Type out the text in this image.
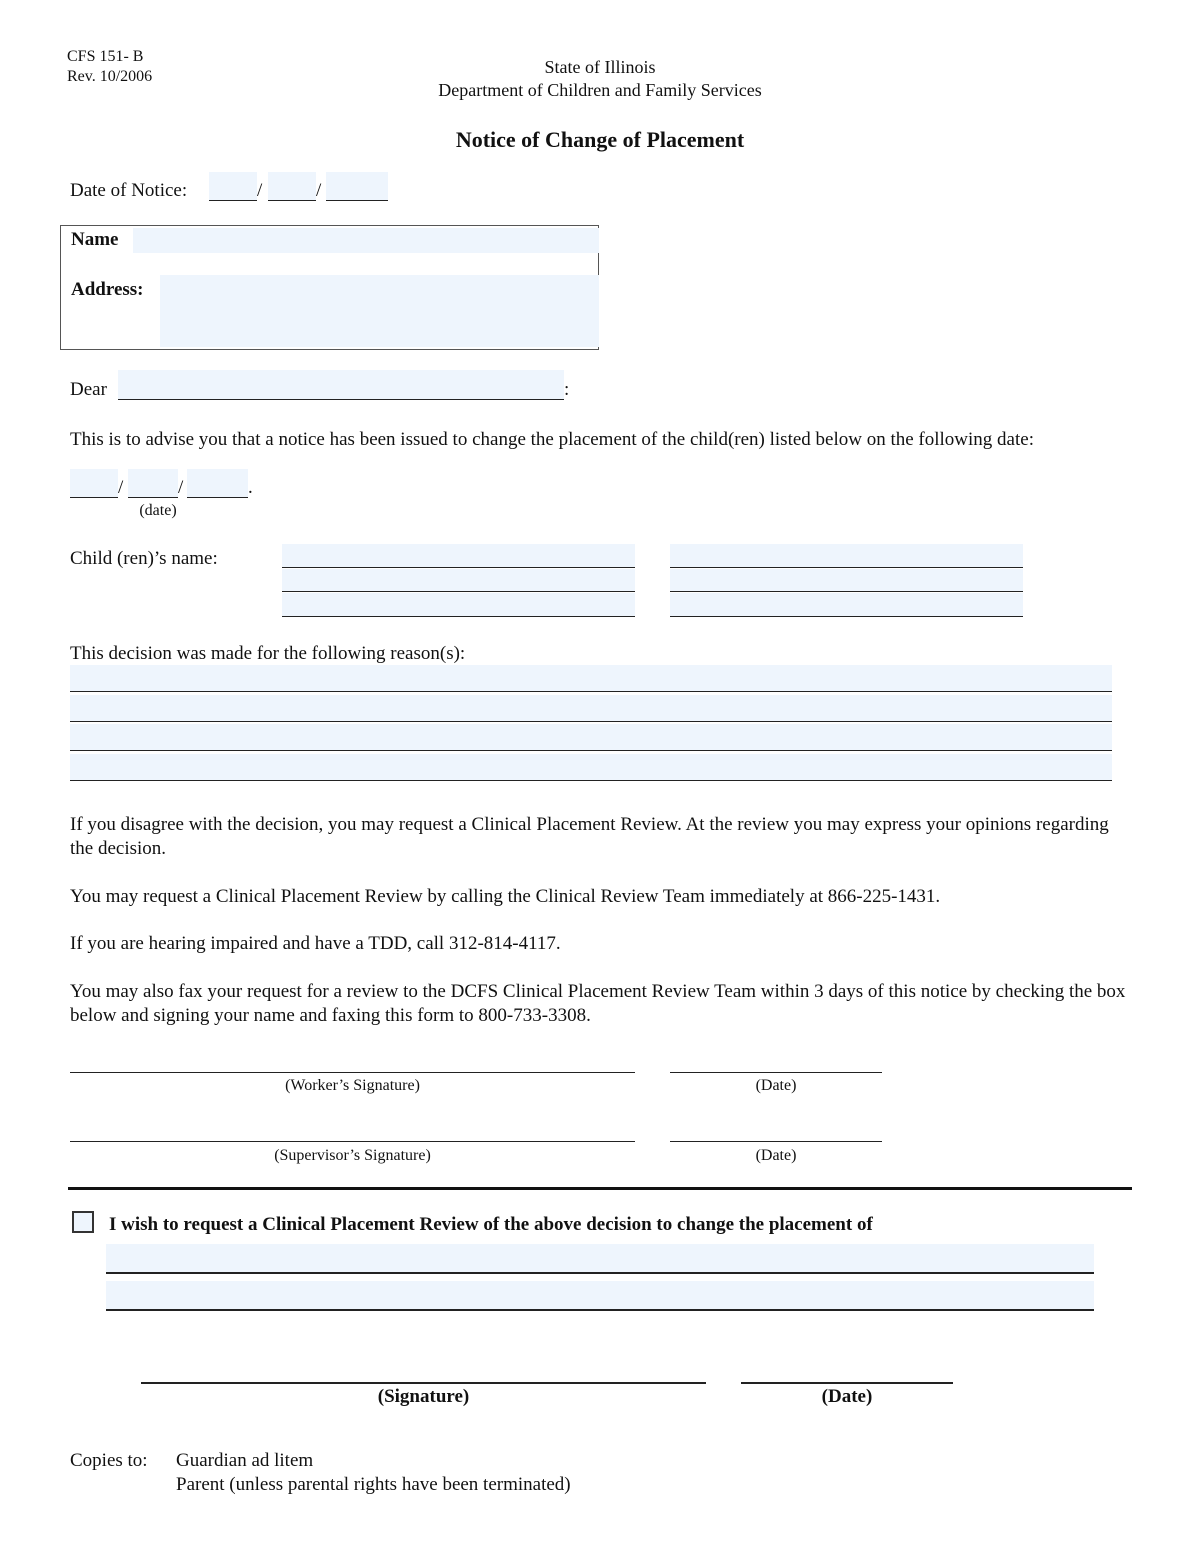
CFS 151- B
Rev. 10/2006	State of Illinois
Department of Children and Family Services
Notice of Change of Placement
Date of Notice:	/	/
Name
Address:
Dear	:
This is to advise you that a notice has been issued to change the placement of the child(ren) listed below on the following date:
/	/	.
(date)
Child (ren)’s name:
This decision was made for the following reason(s):
If you disagree with the decision, you may request a Clinical Placement Review. At the review you may express your opinions regarding the decision.
You may request a Clinical Placement Review by calling the Clinical Review Team immediately at 866-225-1431.
If you are hearing impaired and have a TDD, call 312-814-4117.
You may also fax your request for a review to the DCFS Clinical Placement Review Team within 3 days of this notice by checking the box below and signing your name and faxing this form to 800-733-3308.
(Worker’s Signature)	(Date)
(Supervisor’s Signature)	(Date)
I wish to request a Clinical Placement Review of the above decision to change the placement of
(Signature)	(Date)
Copies to: Guardian ad litem
Parent (unless parental rights have been terminated)
